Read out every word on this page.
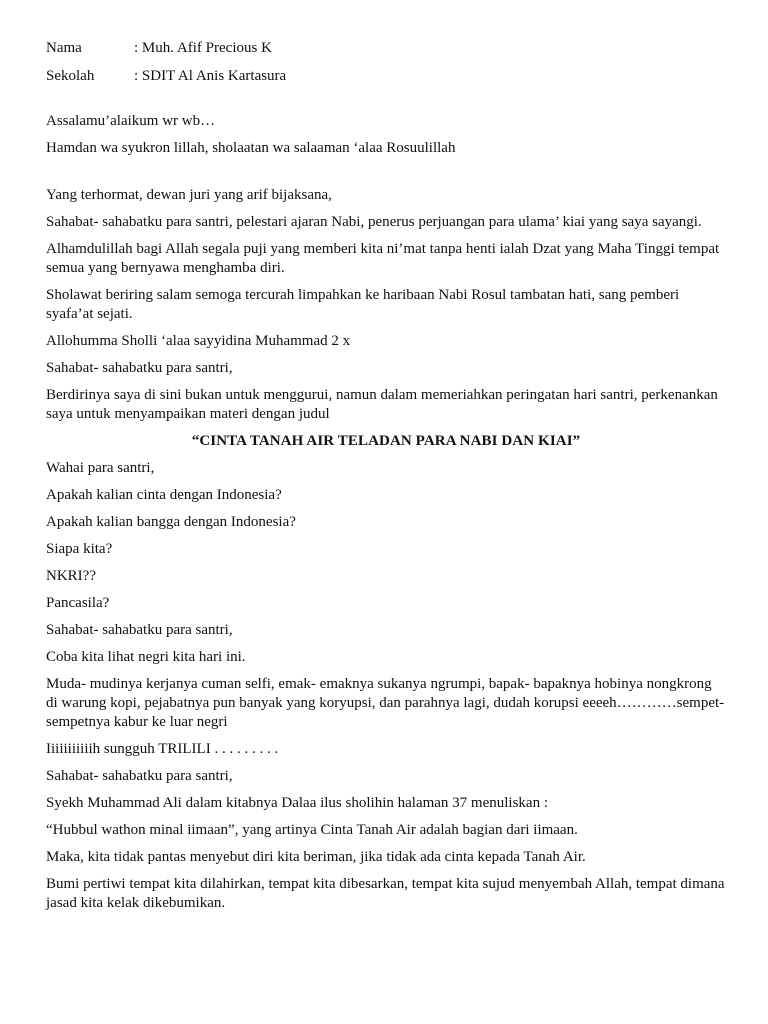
Nama	: Muh. Afif Precious K
Sekolah	: SDIT Al Anis Kartasura

Assalamu’alaikum wr wb…

Hamdan wa syukron lillah, sholaatan wa salaaman ‘alaa Rosuulillah

Yang terhormat, dewan juri yang arif bijaksana,

Sahabat- sahabatku para santri, pelestari ajaran Nabi, penerus perjuangan para ulama’ kiai yang saya sayangi.

Alhamdulillah bagi Allah segala puji yang memberi kita ni’mat tanpa henti ialah Dzat yang Maha Tinggi tempat semua yang bernyawa menghamba diri.

Sholawat beriring salam semoga tercurah limpahkan ke haribaan Nabi Rosul tambatan hati, sang pemberi syafa’at sejati.

Allohumma Sholli ‘alaa sayyidina Muhammad 2 x

Sahabat- sahabatku para santri,

Berdirinya saya di sini bukan untuk menggurui, namun dalam memeriahkan peringatan hari santri, perkenankan saya untuk menyampaikan materi dengan judul

“CINTA TANAH AIR TELADAN PARA NABI DAN KIAI”

Wahai para santri,

Apakah kalian cinta dengan Indonesia?

Apakah kalian bangga dengan Indonesia?

Siapa kita?

NKRI??

Pancasila?

Sahabat- sahabatku para santri,

Coba kita lihat negri kita hari ini.

Muda- mudinya kerjanya cuman selfi, emak- emaknya sukanya ngrumpi, bapak- bapaknya hobinya nongkrong di warung kopi, pejabatnya pun banyak yang koryupsi, dan parahnya lagi, dudah korupsi eeeeh…………sempet- sempetnya kabur ke luar negri

Iiiiiiiiiiih sungguh TRILILI . . . . . . . . .

Sahabat- sahabatku para santri,

Syekh Muhammad Ali dalam kitabnya Dalaa ilus sholihin halaman 37 menuliskan :

“Hubbul wathon minal iimaan”, yang artinya Cinta Tanah Air adalah bagian dari iimaan.

Maka, kita tidak pantas menyebut diri kita beriman, jika tidak ada cinta kepada Tanah Air.

Bumi pertiwi tempat kita dilahirkan, tempat kita dibesarkan, tempat kita sujud menyembah Allah, tempat dimana jasad kita kelak dikebumikan.
